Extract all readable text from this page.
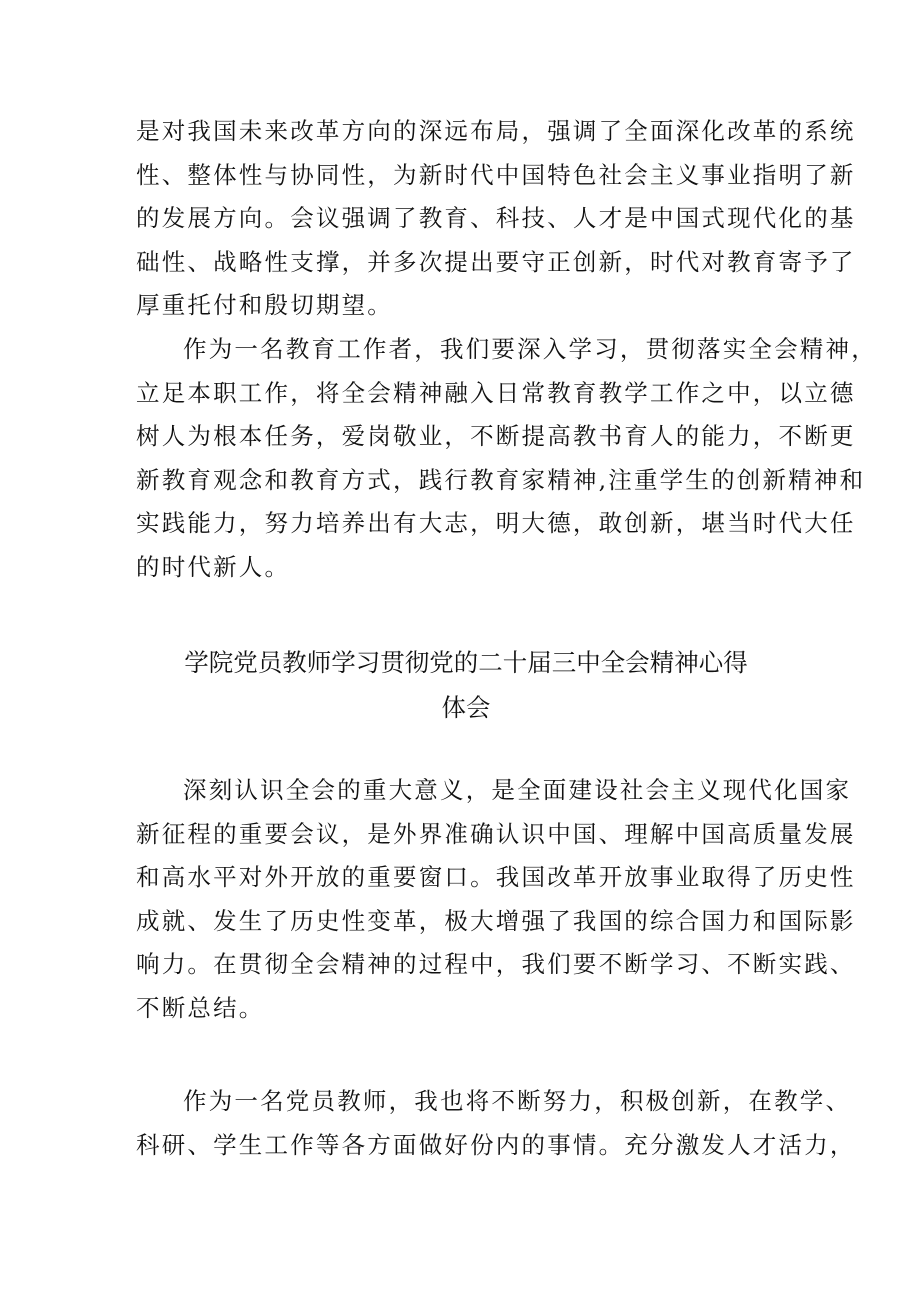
是对我国未来改革方向的深远布局，强调了全面深化改革的系统
性、整体性与协同性，为新时代中国特色社会主义事业指明了新
的发展方向。会议强调了教育、科技、人才是中国式现代化的基
础性、战略性支撑，并多次提出要守正创新，时代对教育寄予了
厚重托付和殷切期望。
作为一名教育工作者，我们要深入学习，贯彻落实全会精神，
立足本职工作，将全会精神融入日常教育教学工作之中，以立德
树人为根本任务，爱岗敬业，不断提高教书育人的能力，不断更
新教育观念和教育方式，践行教育家精神,注重学生的创新精神和
实践能力，努力培养出有大志，明大德，敢创新，堪当时代大任
的时代新人。
学院党员教师学习贯彻党的二十届三中全会精神心得
体会
深刻认识全会的重大意义，是全面建设社会主义现代化国家
新征程的重要会议，是外界准确认识中国、理解中国高质量发展
和高水平对外开放的重要窗口。我国改革开放事业取得了历史性
成就、发生了历史性变革，极大增强了我国的综合国力和国际影
响力。在贯彻全会精神的过程中，我们要不断学习、不断实践、
不断总结。
作为一名党员教师，我也将不断努力，积极创新，在教学、
科研、学生工作等各方面做好份内的事情。充分激发人才活力，
